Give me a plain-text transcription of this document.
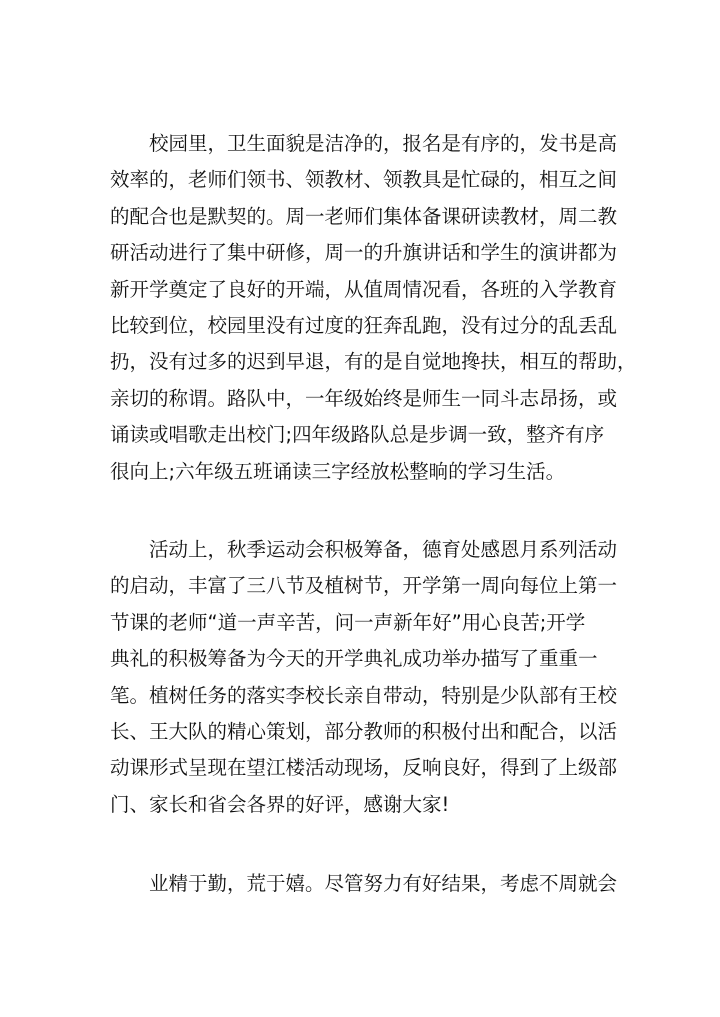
校园里，卫生面貌是洁净的，报名是有序的，发书是高
效率的，老师们领书、领教材、领教具是忙碌的，相互之间
的配合也是默契的。周一老师们集体备课研读教材，周二教
研活动进行了集中研修，周一的升旗讲话和学生的演讲都为
新开学奠定了良好的开端，从值周情况看，各班的入学教育
比较到位，校园里没有过度的狂奔乱跑，没有过分的乱丢乱
扔，没有过多的迟到早退，有的是自觉地搀扶，相互的帮助，
亲切的称谓。路队中，一年级始终是师生一同斗志昂扬，或
诵读或唱歌走出校门;四年级路队总是步调一致，整齐有序
很向上;六年级五班诵读三字经放松整晌的学习生活。
活动上，秋季运动会积极筹备，德育处感恩月系列活动
的启动，丰富了三八节及植树节，开学第一周向每位上第一
节课的老师“道一声辛苦，问一声新年好”用心良苦;开学
典礼的积极筹备为今天的开学典礼成功举办描写了重重一
笔。植树任务的落实李校长亲自带动，特别是少队部有王校
长、王大队的精心策划，部分教师的积极付出和配合，以活
动课形式呈现在望江楼活动现场，反响良好，得到了上级部
门、家长和省会各界的好评，感谢大家!
业精于勤，荒于嬉。尽管努力有好结果，考虑不周就会
